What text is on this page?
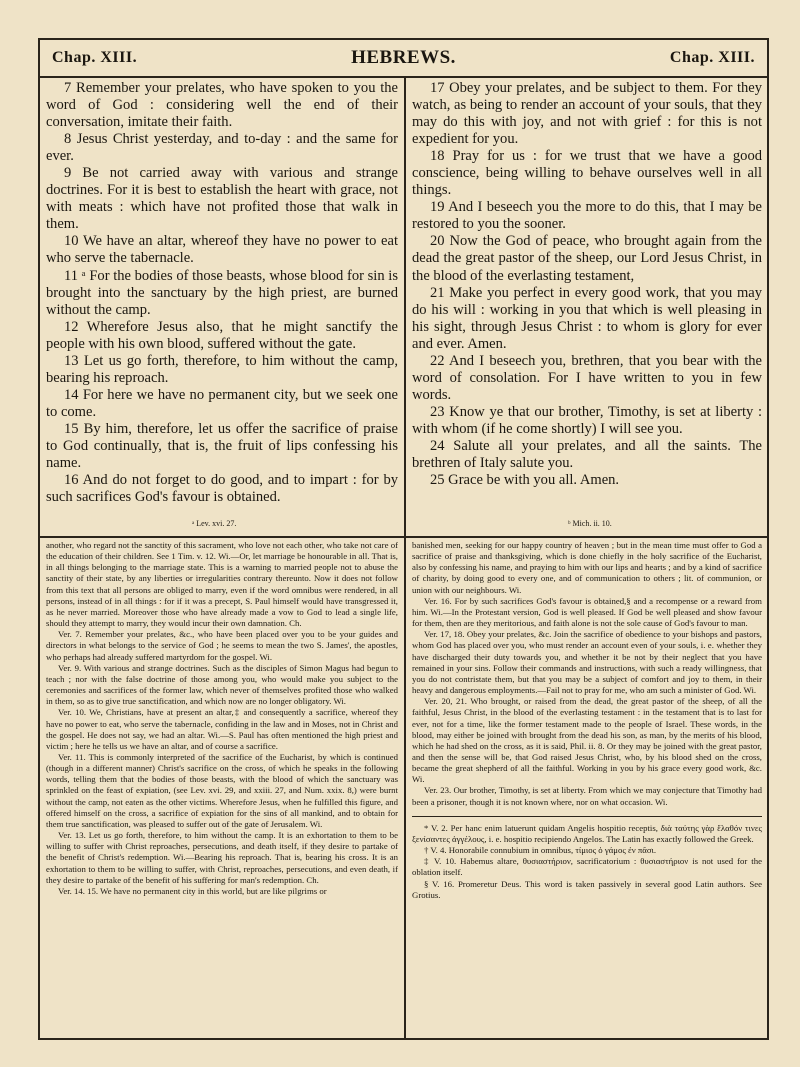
Chap. XIII.	HEBREWS.	Chap. XIII.

7 Remember your prelates, who have spoken to you the word of God : considering well the end of their conversation, imitate their faith.

8 Jesus Christ yesterday, and to-day : and the same for ever.

9 Be not carried away with various and strange doctrines. For it is best to establish the heart with grace, not with meats : which have not profited those that walk in them.

10 We have an altar, whereof they have no power to eat who serve the tabernacle.

11 ᵃ For the bodies of those beasts, whose blood for sin is brought into the sanctuary by the high priest, are burned without the camp.

12 Wherefore Jesus also, that he might sanctify the people with his own blood, suffered without the gate.

13 Let us go forth, therefore, to him without the camp, bearing his reproach.

14 For here we have no permanent city, but we seek one to come.

15 By him, therefore, let us offer the sacrifice of praise to God continually, that is, the fruit of lips confessing his name.

16 And do not forget to do good, and to impart : for by such sacrifices God's favour is obtained.

17 Obey your prelates, and be subject to them. For they watch, as being to render an account of your souls, that they may do this with joy, and not with grief : for this is not expedient for you.

18 Pray for us : for we trust that we have a good conscience, being willing to behave ourselves well in all things.

19 And I beseech you the more to do this, that I may be restored to you the sooner.

20 Now the God of peace, who brought again from the dead the great pastor of the sheep, our Lord Jesus Christ, in the blood of the everlasting testament,

21 Make you perfect in every good work, that you may do his will : working in you that which is well pleasing in his sight, through Jesus Christ : to whom is glory for ever and ever. Amen.

22 And I beseech you, brethren, that you bear with the word of consolation. For I have written to you in few words.

23 Know ye that our brother, Timothy, is set at liberty : with whom (if he come shortly) I will see you.

24 Salute all your prelates, and all the saints. The brethren of Italy salute you.

25 Grace be with you all. Amen.

ᵃ Lev. xvi. 27.	ᵇ Mich. ii. 10.

another, who regard not the sanctity of this sacrament, who love not each other, who take not care of the education of their children. See 1 Tim. v. 12. Wi.—Or, let marriage be honourable in all. That is, in all things belonging to the marriage state. This is a warning to married people not to abuse the sanctity of their state, by any liberties or irregularities contrary thereunto. Now it does not follow from this text that all persons are obliged to marry, even if the word omnibus were rendered, in all persons, instead of in all things : for if it was a precept, S. Paul himself would have transgressed it, as he never married. Moreover those who have already made a vow to God to lead a single life, should they attempt to marry, they would incur their own damnation. Ch.

Ver. 7. Remember your prelates, &c., who have been placed over you to be your guides and directors in what belongs to the service of God ; he seems to mean the two S. James', the apostles, who perhaps had already suffered martyrdom for the gospel. Wi.

Ver. 9. With various and strange doctrines. Such as the disciples of Simon Magus had begun to teach ; nor with the false doctrine of those among you, who would make you subject to the ceremonies and sacrifices of the former law, which never of themselves profited those who walked in them, so as to give true sanctification, and which now are no longer obligatory. Wi.

Ver. 10. We, Christians, have at present an altar,‡ and consequently a sacrifice, whereof they have no power to eat, who serve the tabernacle, confiding in the law and in Moses, not in Christ and the gospel. He does not say, we had an altar. Wi.—S. Paul has often mentioned the high priest and victim ; here he tells us we have an altar, and of course a sacrifice.

Ver. 11. This is commonly interpreted of the sacrifice of the Eucharist, by which is continued (though in a different manner) Christ's sacrifice on the cross, of which he speaks in the following words, telling them that the bodies of those beasts, with the blood of which the sanctuary was sprinkled on the feast of expiation, (see Lev. xvi. 29, and xxiii. 27, and Num. xxix. 8,) were burnt without the camp, not eaten as the other victims. Wherefore Jesus, when he fulfilled this figure, and offered himself on the cross, a sacrifice of expiation for the sins of all mankind, and to obtain for them true sanctification, was pleased to suffer out of the gate of Jerusalem. Wi.

Ver. 13. Let us go forth, therefore, to him without the camp. It is an exhortation to them to be willing to suffer with Christ reproaches, persecutions, and death itself, if they desire to partake of the benefit of Christ's redemption. Wi.—Bearing his reproach. That is, bearing his cross. It is an exhortation to them to be willing to suffer, with Christ, reproaches, persecutions, and even death, if they desire to partake of the benefit of his suffering for man's redemption. Ch.

Ver. 14. 15. We have no permanent city in this world, but are like pilgrims or

banished men, seeking for our happy country of heaven ; but in the mean time must offer to God a sacrifice of praise and thanksgiving, which is done chiefly in the holy sacrifice of the Eucharist, also by confessing his name, and praying to him with our lips and hearts ; and by a kind of sacrifice of charity, by doing good to every one, and of communication to others ; lit. of communion, or union with our neighbours. Wi.

Ver. 16. For by such sacrifices God's favour is obtained,§ and a recompense or a reward from him. Wi.—In the Protestant version, God is well pleased. If God be well pleased and show favour for them, then are they meritorious, and faith alone is not the sole cause of God's favour to man.

Ver. 17, 18. Obey your prelates, &c. Join the sacrifice of obedience to your bishops and pastors, whom God has placed over you, who must render an account even of your souls, i. e. whether they have discharged their duty towards you, and whether it be not by their neglect that you have remained in your sins. Follow their commands and instructions, with such a ready willingness, that you do not contristate them, but that you may be a subject of comfort and joy to them, in their heavy and dangerous employments.—Fail not to pray for me, who am such a minister of God. Wi.

Ver. 20, 21. Who brought, or raised from the dead, the great pastor of the sheep, of all the faithful, Jesus Christ, in the blood of the everlasting testament : in the testament that is to last for ever, not for a time, like the former testament made to the people of Israel. These words, in the blood, may either be joined with brought from the dead his son, as man, by the merits of his blood, which he had shed on the cross, as it is said, Phil. ii. 8. Or they may be joined with the great pastor, and then the sense will be, that God raised Jesus Christ, who, by his blood shed on the cross, became the great shepherd of all the faithful. Working in you by his grace every good work, &c. Wi.

Ver. 23. Our brother, Timothy, is set at liberty. From which we may conjecture that Timothy had been a prisoner, though it is not known where, nor on what occasion. Wi.

* V. 2. Per hanc enim latuerunt quidam Angelis hospitio receptis, διὰ ταύτης γὰρ ἔλαθόν τινες ξενίσαντες ἀγγέλους, i. e. hospitio recipiendo Angelos. The Latin has exactly followed the Greek.

† V. 4. Honorabile connubium in omnibus, τίμιος ὁ γάμος ἐν πᾶσι.

‡ V. 10. Habemus altare, θυσιαστήριον, sacrificatorium : θυσιαστήριον is not used for the oblation itself.

§ V. 16. Promeretur Deus. This word is taken passively in several good Latin authors. See Grotius.
